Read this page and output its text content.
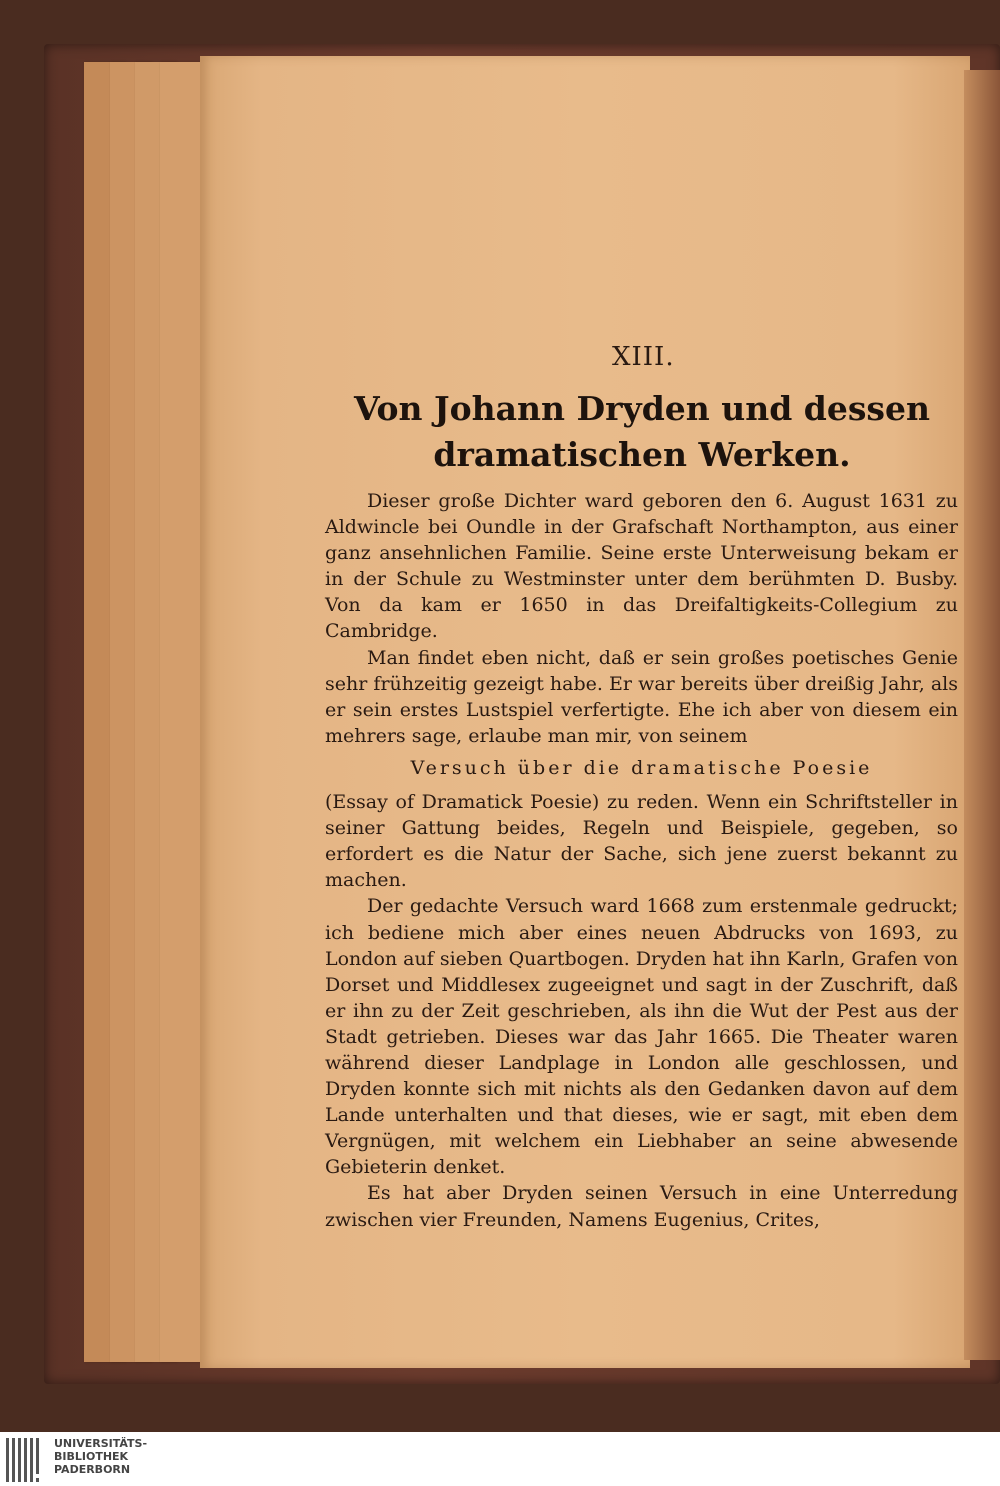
XIII.
Von Johann Dryden und dessen dramatischen Werken.

Dieser große Dichter ward geboren den 6. August 1631 zu Aldwincle bei Oundle in der Grafschaft Northampton, aus einer ganz ansehnlichen Familie. Seine erste Unterweisung bekam er in der Schule zu Westminster unter dem berühmten D. Busby. Von da kam er 1650 in das Dreifaltigkeits-Collegium zu Cambridge.

Man findet eben nicht, daß er sein großes poetisches Genie sehr frühzeitig gezeigt habe. Er war bereits über dreißig Jahr, als er sein erstes Lustspiel verfertigte. Ehe ich aber von diesem ein mehrers sage, erlaube man mir, von seinem

Versuch über die dramatische Poesie

(Essay of Dramatick Poesie) zu reden. Wenn ein Schriftsteller in seiner Gattung beides, Regeln und Beispiele, gegeben, so erfordert es die Natur der Sache, sich jene zuerst bekannt zu machen.

Der gedachte Versuch ward 1668 zum erstenmale gedruckt; ich bediene mich aber eines neuen Abdrucks von 1693, zu London auf sieben Quartbogen. Dryden hat ihn Karln, Grafen von Dorset und Middlesex zugeeignet und sagt in der Zuschrift, daß er ihn zu der Zeit geschrieben, als ihn die Wut der Pest aus der Stadt getrieben. Dieses war das Jahr 1665. Die Theater waren während dieser Landplage in London alle geschlossen, und Dryden konnte sich mit nichts als den Gedanken davon auf dem Lande unterhalten und that dieses, wie er sagt, mit eben dem Vergnügen, mit welchem ein Liebhaber an seine abwesende Gebieterin denket.

Es hat aber Dryden seinen Versuch in eine Unterredung zwischen vier Freunden, Namens Eugenius, Crites,

UNIVERSITÄTS-
BIBLIOTHEK
PADERBORN
